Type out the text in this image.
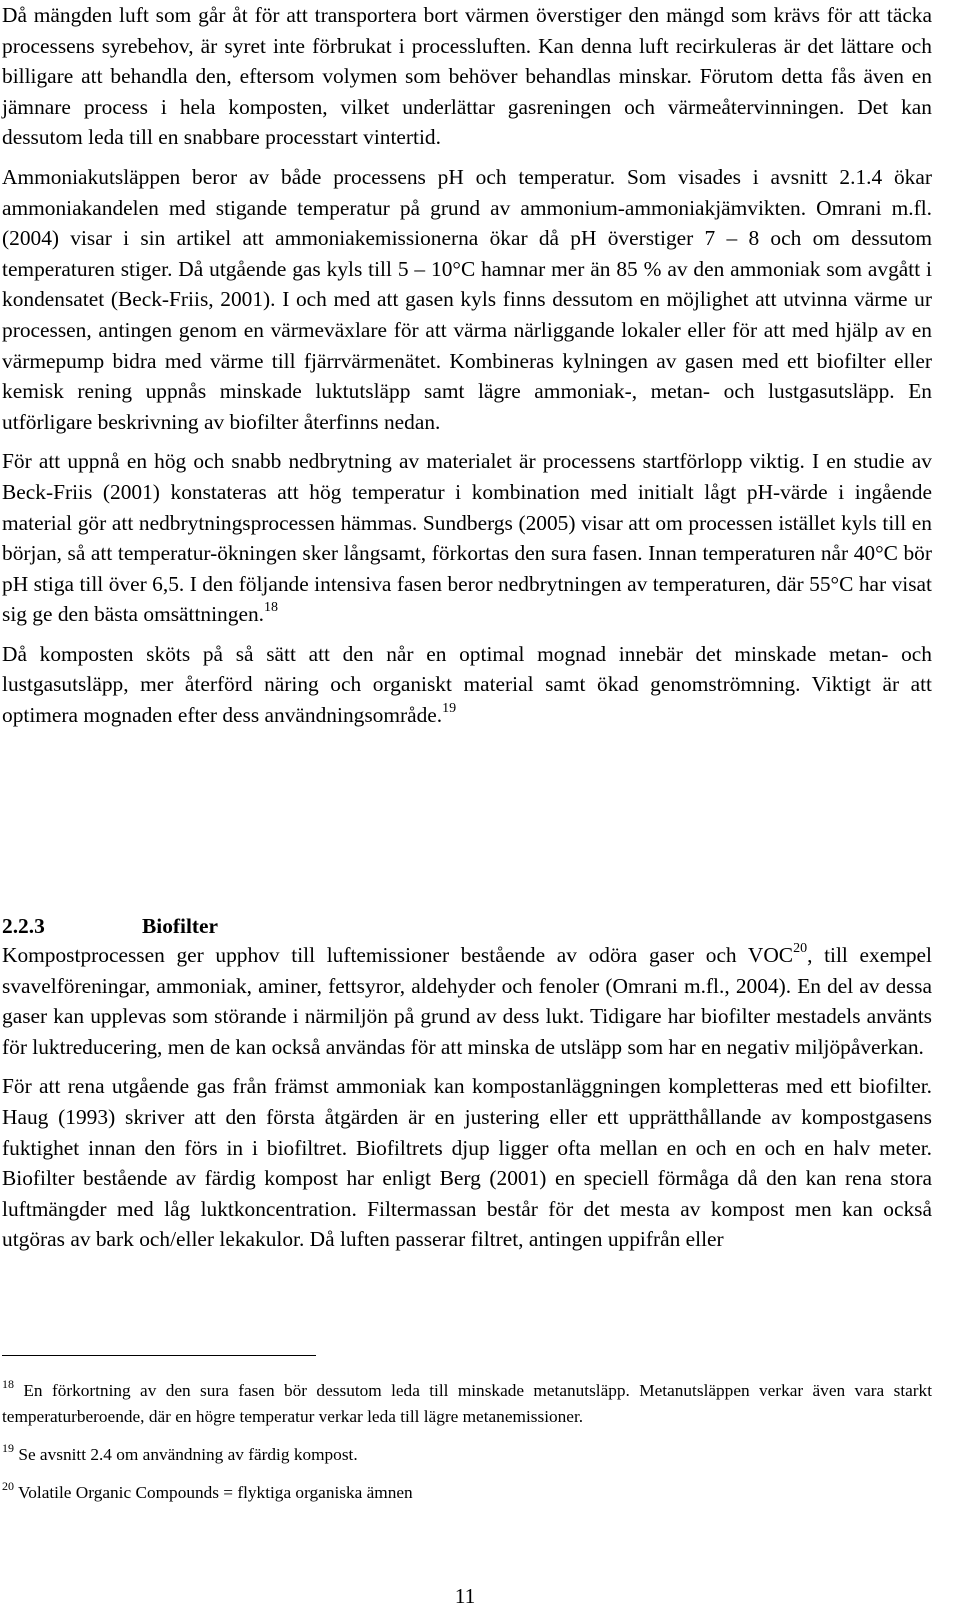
Då mängden luft som går åt för att transportera bort värmen överstiger den mängd som krävs för att täcka processens syrebehov, är syret inte förbrukat i processluften. Kan denna luft recirkuleras är det lättare och billigare att behandla den, eftersom volymen som behöver behandlas minskar. Förutom detta fås även en jämnare process i hela komposten, vilket underlättar gasreningen och värmeåtervinningen. Det kan dessutom leda till en snabbare processtart vintertid.

Ammoniakutsläppen beror av både processens pH och temperatur. Som visades i avsnitt 2.1.4 ökar ammoniakandelen med stigande temperatur på grund av ammonium-ammoniakjämvikten. Omrani m.fl. (2004) visar i sin artikel att ammoniakemissionerna ökar då pH överstiger 7 – 8 och om dessutom temperaturen stiger. Då utgående gas kyls till 5 – 10°C hamnar mer än 85 % av den ammoniak som avgått i kondensatet (Beck-Friis, 2001). I och med att gasen kyls finns dessutom en möjlighet att utvinna värme ur processen, antingen genom en värmeväxlare för att värma närliggande lokaler eller för att med hjälp av en värmepump bidra med värme till fjärrvärmenätet. Kombineras kylningen av gasen med ett biofilter eller kemisk rening uppnås minskade luktutsläpp samt lägre ammoniak-, metan- och lustgasutsläpp. En utförligare beskrivning av biofilter återfinns nedan.

För att uppnå en hög och snabb nedbrytning av materialet är processens startförlopp viktig. I en studie av Beck-Friis (2001) konstateras att hög temperatur i kombination med initialt lågt pH-värde i ingående material gör att nedbrytningsprocessen hämmas. Sundbergs (2005) visar att om processen istället kyls till en början, så att temperatur-ökningen sker långsamt, förkortas den sura fasen. Innan temperaturen når 40°C bör pH stiga till över 6,5. I den följande intensiva fasen beror nedbrytningen av temperaturen, där 55°C har visat sig ge den bästa omsättningen.$^{18}$

Då komposten sköts på så sätt att den når en optimal mognad innebär det minskade metan- och lustgasutsläpp, mer återförd näring och organiskt material samt ökad genomströmning. Viktigt är att optimera mognaden efter dess användningsområde.$^{19}$

2.2.3	Biofilter

Kompostprocessen ger upphov till luftemissioner bestående av odöra gaser och VOC$^{20}$, till exempel svavelföreningar, ammoniak, aminer, fettsyror, aldehyder och fenoler (Omrani m.fl., 2004). En del av dessa gaser kan upplevas som störande i närmiljön på grund av dess lukt. Tidigare har biofilter mestadels använts för luktreducering, men de kan också användas för att minska de utsläpp som har en negativ miljöpåverkan.

För att rena utgående gas från främst ammoniak kan kompostanläggningen kompletteras med ett biofilter. Haug (1993) skriver att den första åtgärden är en justering eller ett upprätthållande av kompostgasens fuktighet innan den förs in i biofiltret. Biofiltrets djup ligger ofta mellan en och en och en halv meter. Biofilter bestående av färdig kompost har enligt Berg (2001) en speciell förmåga då den kan rena stora luftmängder med låg luktkoncentration. Filtermassan består för det mesta av kompost men kan också utgöras av bark och/eller lekakulor. Då luften passerar filtret, antingen uppifrån eller

$^{18}$ En förkortning av den sura fasen bör dessutom leda till minskade metanutsläpp. Metanutsläppen verkar även vara starkt temperaturberoende, där en högre temperatur verkar leda till lägre metanemissioner.

$^{19}$ Se avsnitt 2.4 om användning av färdig kompost.

$^{20}$ Volatile Organic Compounds = flyktiga organiska ämnen

11
